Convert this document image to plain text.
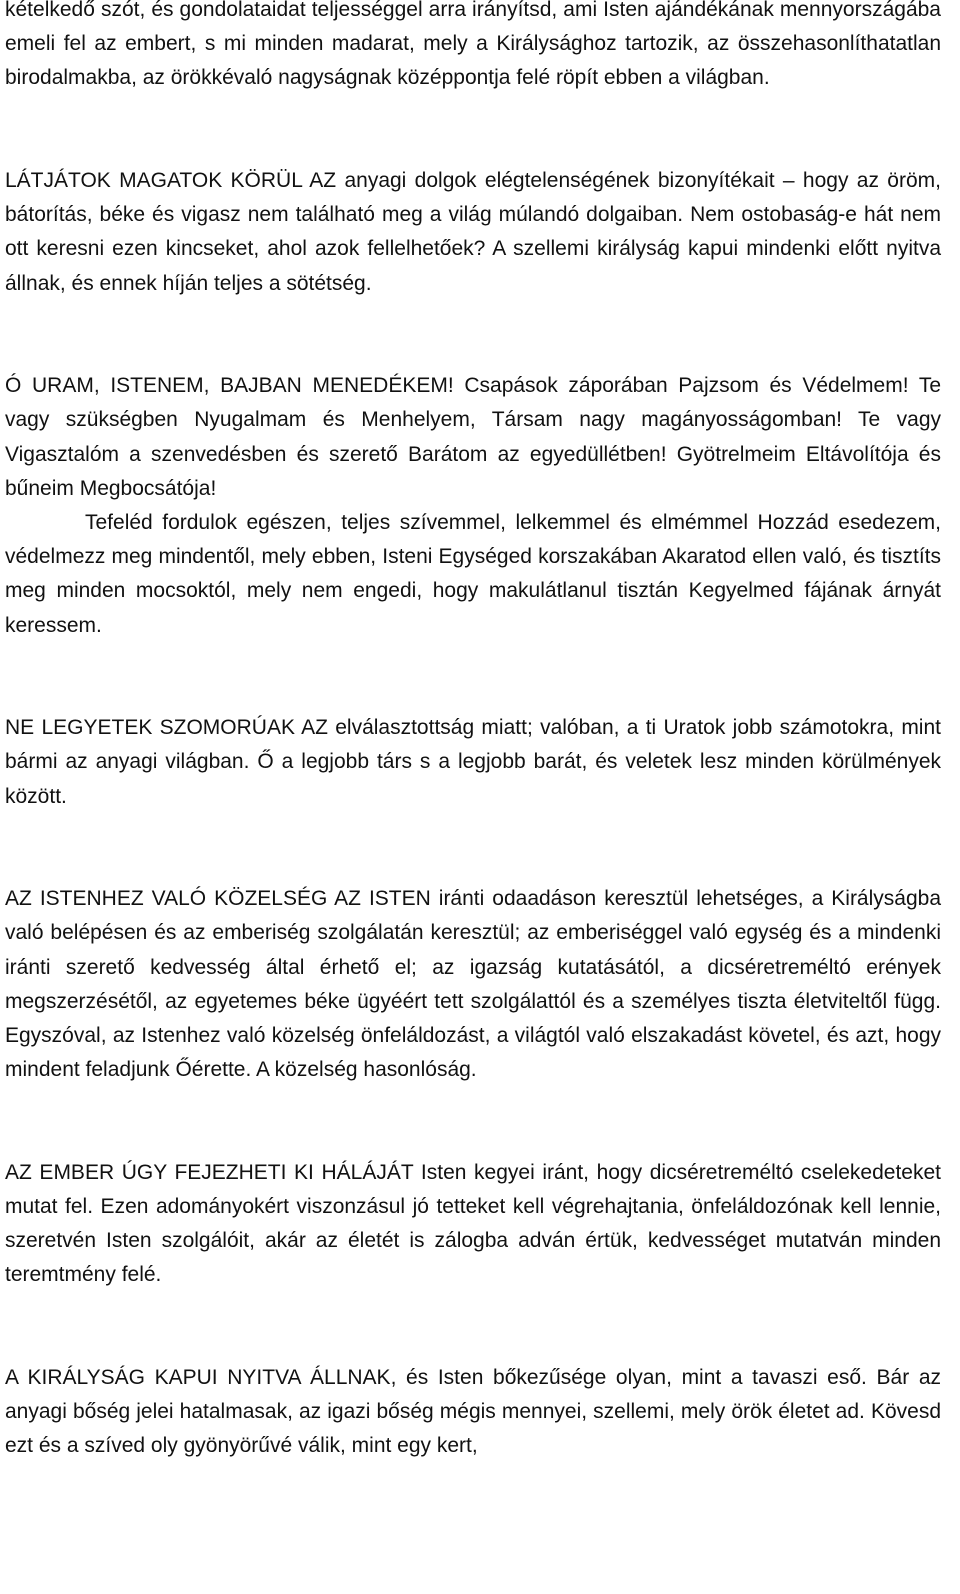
kételkedő szót, és gondolataidat teljességgel arra irányítsd, ami Isten ajándékának mennyországába emeli fel az embert, s mi minden madarat, mely a Királysághoz tartozik, az összehasonlíthatatlan birodalmakba, az örökkévaló nagyságnak középpontja felé röpít ebben a világban.

LÁTJÁTOK MAGATOK KÖRÜL AZ anyagi dolgok elégtelenségének bizonyítékait – hogy az öröm, bátorítás, béke és vigasz nem található meg a világ múlandó dolgaiban. Nem ostobaság-e hát nem ott keresni ezen kincseket, ahol azok fellelhetőek? A szellemi királyság kapui mindenki előtt nyitva állnak, és ennek híján teljes a sötétség.

Ó URAM, ISTENEM, BAJBAN MENEDÉKEM! Csapások záporában Pajzsom és Védelmem! Te vagy szükségben Nyugalmam és Menhelyem, Társam nagy magányosságomban! Te vagy Vigasztalóm a szenvedésben és szerető Barátom az egyedüllétben! Gyötrelmeim Eltávolítója és bűneim Megbocsátója!

Tefeléd fordulok egészen, teljes szívemmel, lelkemmel és elmémmel Hozzád esedezem, védelmezz meg mindentől, mely ebben, Isteni Egységed korszakában Akaratod ellen való, és tisztíts meg minden mocsoktól, mely nem engedi, hogy makulátlanul tisztán Kegyelmed fájának árnyát keressem.

NE LEGYETEK SZOMORÚAK AZ elválasztottság miatt; valóban, a ti Uratok jobb számotokra, mint bármi az anyagi világban. Ő a legjobb társ s a legjobb barát, és veletek lesz minden körülmények között.

AZ ISTENHEZ VALÓ KÖZELSÉG AZ ISTEN iránti odaadáson keresztül lehetséges, a Királyságba való belépésen és az emberiség szolgálatán keresztül; az emberiséggel való egység és a mindenki iránti szerető kedvesség által érhető el; az igazság kutatásától, a dicséretreméltó erények megszerzésétől, az egyetemes béke ügyéért tett szolgálattól és a személyes tiszta életviteltől függ. Egyszóval, az Istenhez való közelség önfeláldozást, a világtól való elszakadást követel, és azt, hogy mindent feladjunk Őérette. A közelség hasonlóság.

AZ EMBER ÚGY FEJEZHETI KI HÁLÁJÁT Isten kegyei iránt, hogy dicséretreméltó cselekedeteket mutat fel. Ezen adományokért viszonzásul jó tetteket kell végrehajtania, önfeláldozónak kell lennie, szeretvén Isten szolgálóit, akár az életét is zálogba adván értük, kedvességet mutatván minden teremtmény felé.

A KIRÁLYSÁG KAPUI NYITVA ÁLLNAK, és Isten bőkezűsége olyan, mint a tavaszi eső. Bár az anyagi bőség jelei hatalmasak, az igazi bőség mégis mennyei, szellemi, mely örök életet ad. Kövesd ezt és a szíved oly gyönyörűvé válik, mint egy kert,
